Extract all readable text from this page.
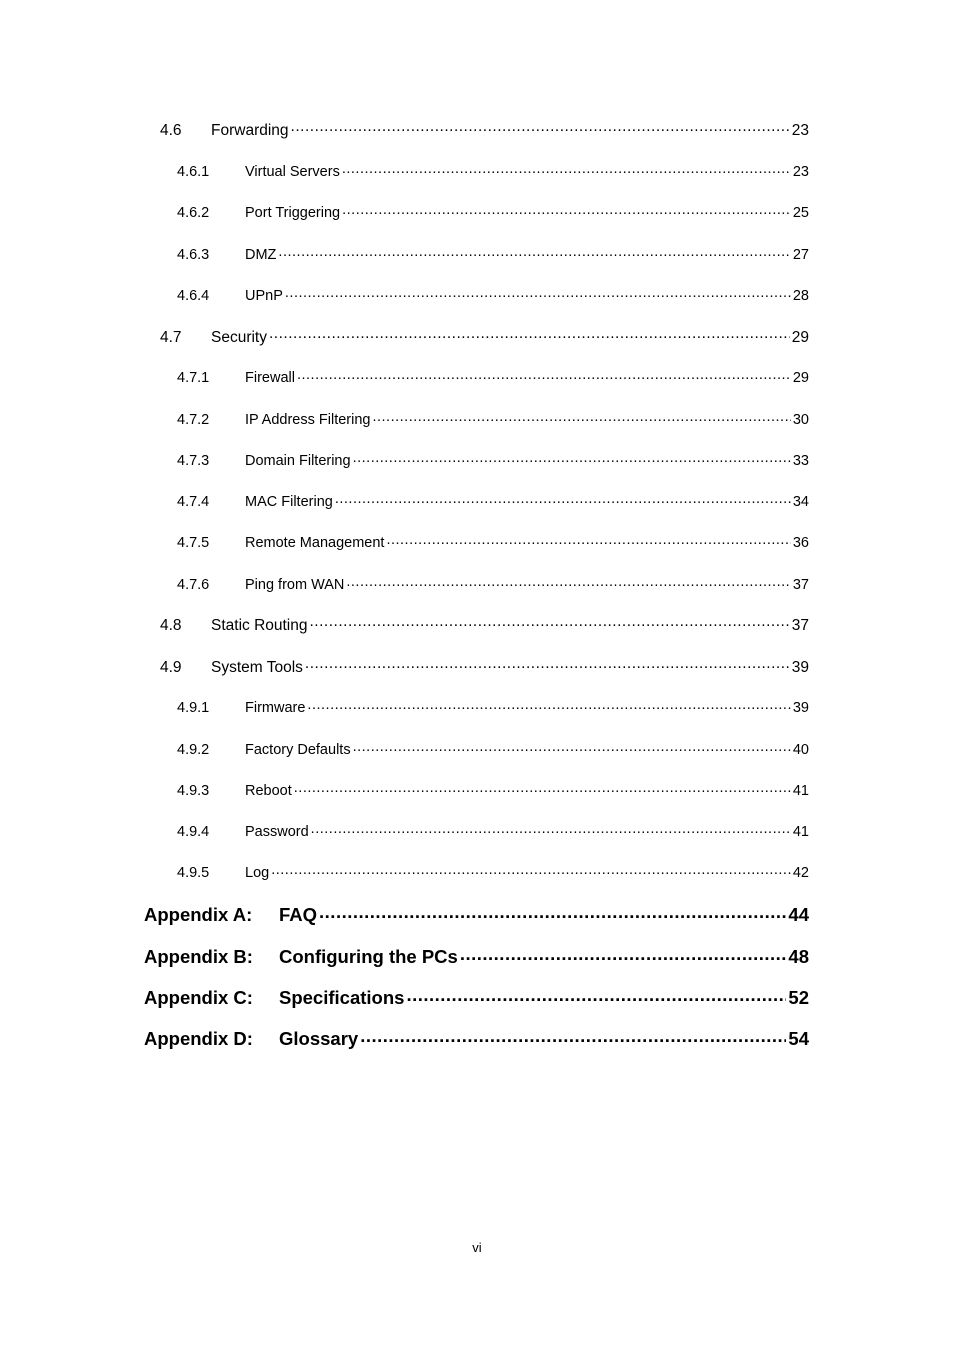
4.6	Forwarding .....	23
4.6.1	Virtual Servers .....	23
4.6.2	Port Triggering .....	25
4.6.3	DMZ .....	27
4.6.4	UPnP .....	28
4.7	Security .....	29
4.7.1	Firewall .....	29
4.7.2	IP Address Filtering .....	30
4.7.3	Domain Filtering .....	33
4.7.4	MAC Filtering .....	34
4.7.5	Remote Management .....	36
4.7.6	Ping from WAN .....	37
4.8	Static Routing .....	37
4.9	System Tools .....	39
4.9.1	Firmware .....	39
4.9.2	Factory Defaults .....	40
4.9.3	Reboot .....	41
4.9.4	Password .....	41
4.9.5	Log .....	42
Appendix A:	FAQ .....	44
Appendix B:	Configuring the PCs .....	48
Appendix C:	Specifications .....	52
Appendix D:	Glossary .....	54
vi
